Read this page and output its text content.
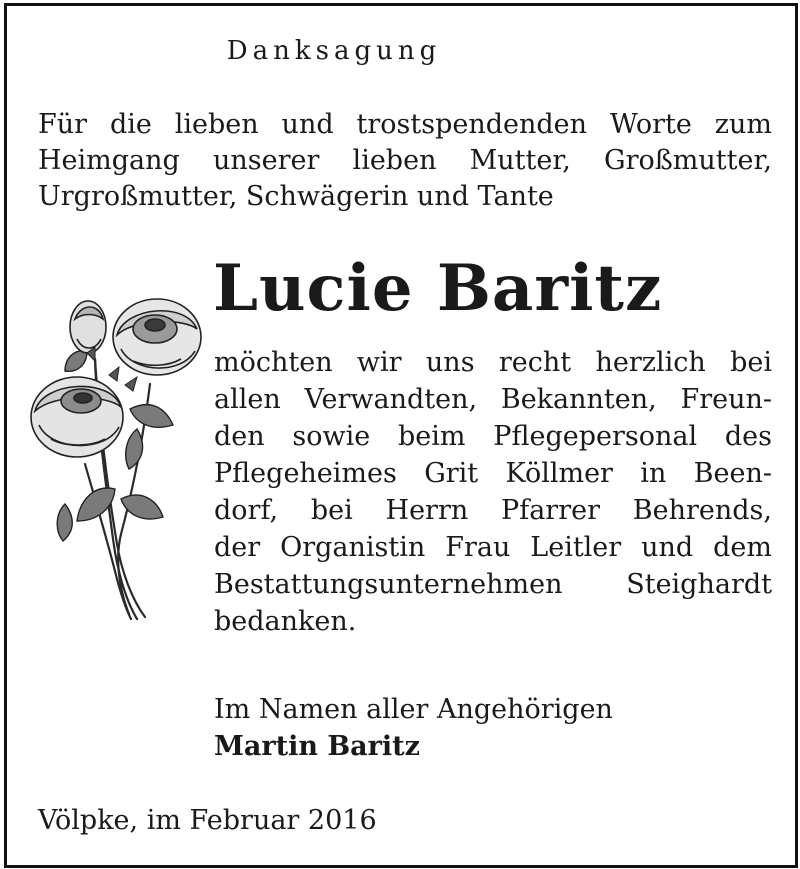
Danksagung
Für die lieben und trostspendenden Worte zum
Heimgang unserer lieben Mutter, Großmutter,
Urgroßmutter, Schwägerin und Tante
Lucie Baritz
möchten wir uns recht herzlich bei
allen Verwandten, Bekannten, Freun-
den sowie beim Pflegepersonal des
Pflegeheimes Grit Köllmer in Been-
dorf, bei Herrn Pfarrer Behrends,
der Organistin Frau Leitler und dem
Bestattungsunternehmen Steighardt
bedanken.
Im Namen aller Angehörigen
Martin Baritz
Völpke, im Februar 2016
